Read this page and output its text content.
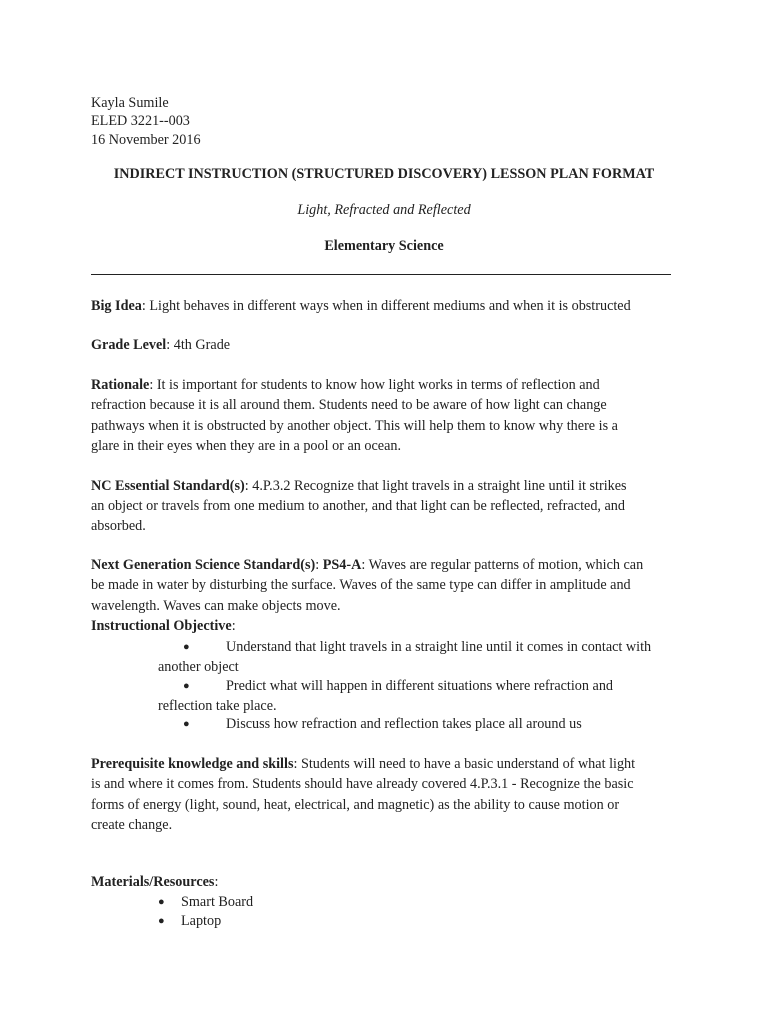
Kayla Sumile
ELED 3221--003
16 November 2016
INDIRECT INSTRUCTION (STRUCTURED DISCOVERY) LESSON PLAN FORMAT
Light, Refracted and Reflected
Elementary Science
Big Idea: Light behaves in different ways when in different mediums and when it is obstructed
Grade Level: 4th Grade
Rationale: It is important for students to know how light works in terms of reflection and
refraction because it is all around them. Students need to be aware of how light can change
pathways when it is obstructed by another object. This will help them to know why there is a
glare in their eyes when they are in a pool or an ocean.
NC Essential Standard(s): 4.P.3.2 Recognize that light travels in a straight line until it strikes
an object or travels from one medium to another, and that light can be reflected, refracted, and
absorbed.
Next Generation Science Standard(s): PS4-A: Waves are regular patterns of motion, which can
be made in water by disturbing the surface. Waves of the same type can differ in amplitude and
wavelength. Waves can make objects move.
Instructional Objective:
●	Understand that light travels in a straight line until it comes in contact with
another object
●	Predict what will happen in different situations where refraction and
reflection take place.
●	Discuss how refraction and reflection takes place all around us
Prerequisite knowledge and skills: Students will need to have a basic understand of what light
is and where it comes from. Students should have already covered 4.P.3.1 - Recognize the basic
forms of energy (light, sound, heat, electrical, and magnetic) as the ability to cause motion or
create change.
Materials/Resources:
● Smart Board
● Laptop
